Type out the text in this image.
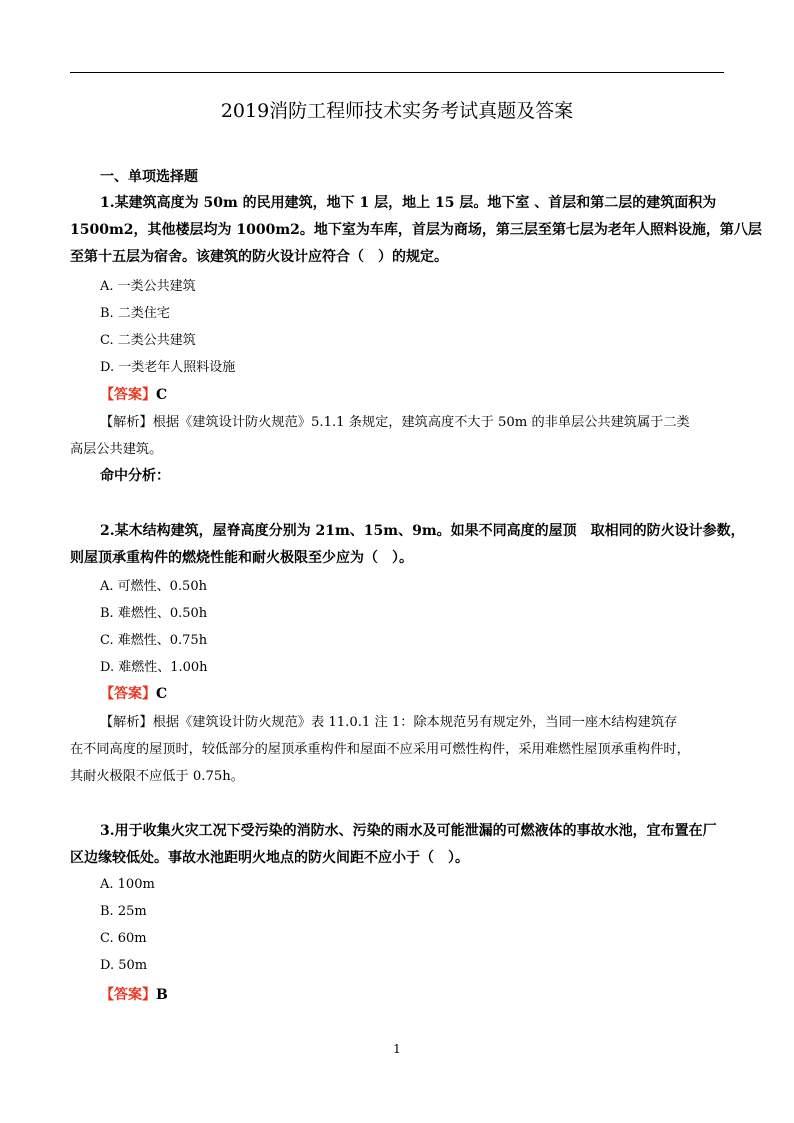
2019消防工程师技术实务考试真题及答案
一、单项选择题
1.某建筑高度为 50m 的民用建筑，地下 1 层，地上 15 层。地下室 、首层和第二层的建筑面积为
1500m2，其他楼层均为 1000m2。地下室为车库，首层为商场，第三层至第七层为老年人照料设施，第八层
至第十五层为宿舍。该建筑的防火设计应符合（　）的规定。
A. 一类公共建筑
B. 二类住宅
C. 二类公共建筑
D. 一类老年人照料设施
【答案】C
【解析】根据《建筑设计防火规范》5.1.1 条规定，建筑高度不大于 50m 的非单层公共建筑属于二类
高层公共建筑。
命中分析：
2.某木结构建筑，屋脊高度分别为 21m、15m、9m。如果不同高度的屋顶　取相同的防火设计参数，
则屋顶承重构件的燃烧性能和耐火极限至少应为（　）。
A. 可燃性、0.50h
B. 难燃性、0.50h
C. 难燃性、0.75h
D. 难燃性、1.00h
【答案】C
【解析】根据《建筑设计防火规范》表 11.0.1 注 1：除本规范另有规定外，当同一座木结构建筑存
在不同高度的屋顶时，较低部分的屋顶承重构件和屋面不应采用可燃性构件，采用难燃性屋顶承重构件时，
其耐火极限不应低于 0.75h。
3.用于收集火灾工况下受污染的消防水、污染的雨水及可能泄漏的可燃液体的事故水池，宜布置在厂
区边缘较低处。事故水池距明火地点的防火间距不应小于（　）。
A. 100m
B. 25m
C. 60m
D. 50m
【答案】B
1
